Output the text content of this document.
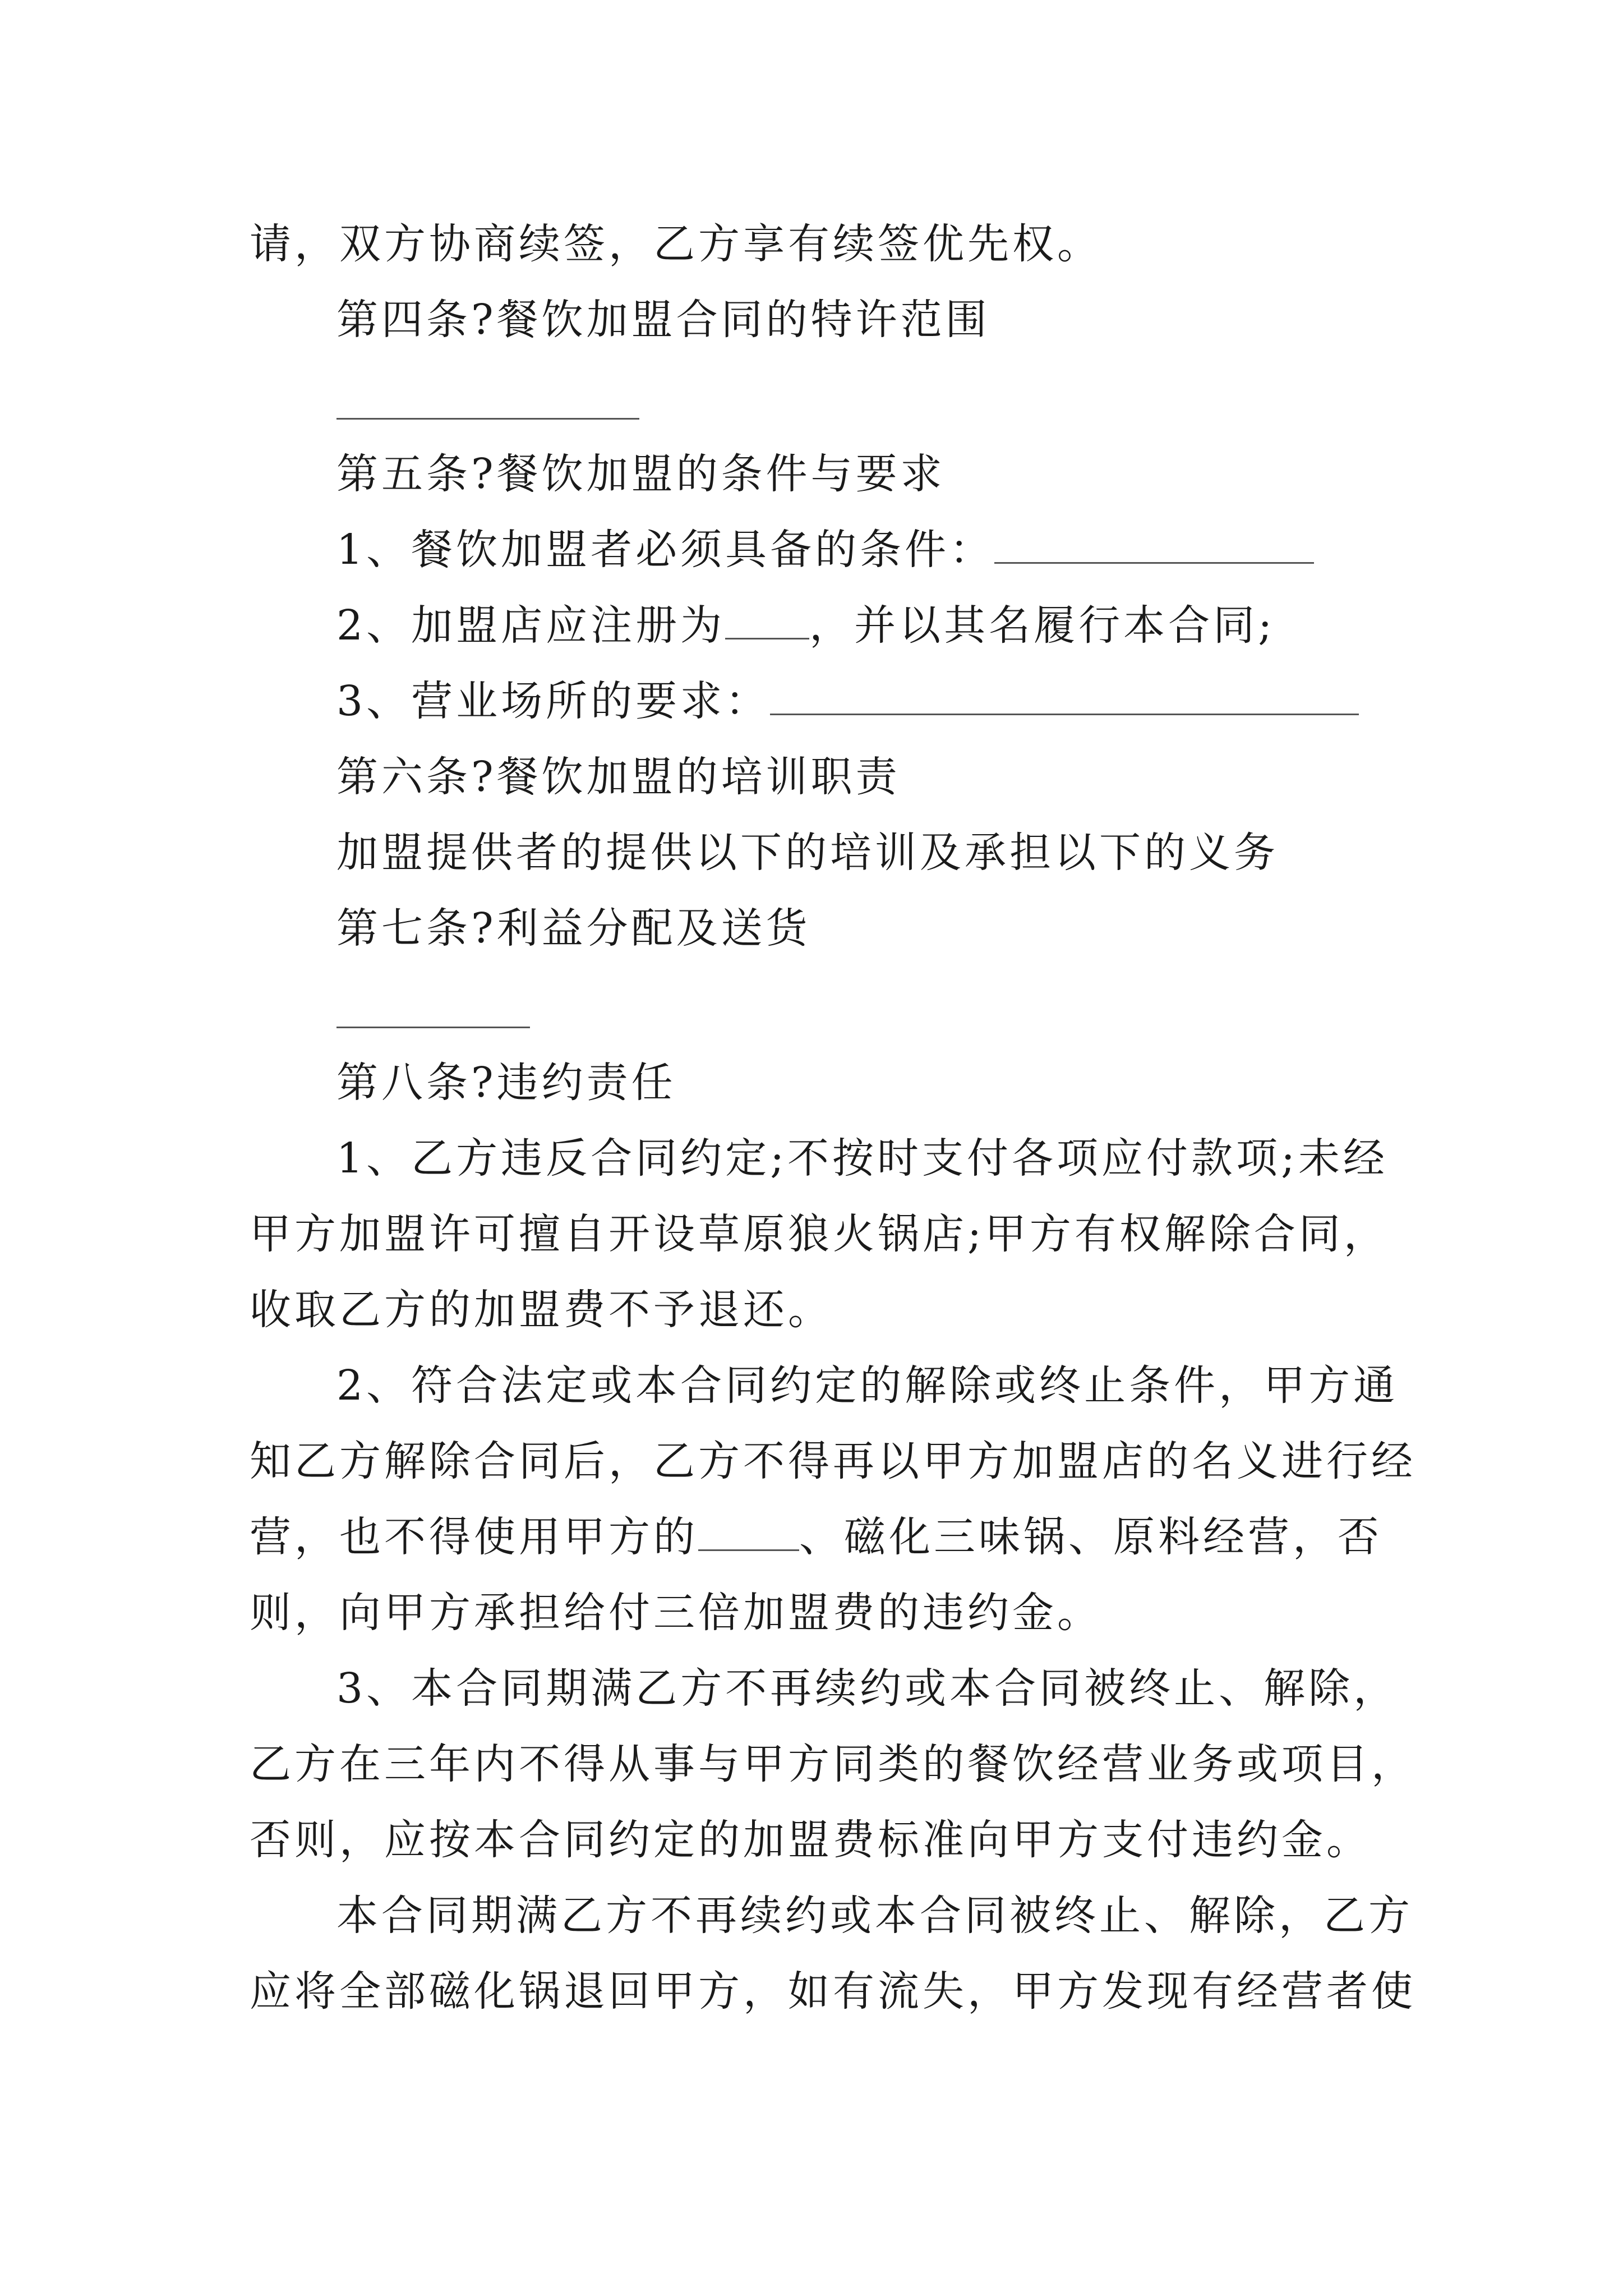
请，双方协商续签，乙方享有续签优先权。
第四条?餐饮加盟合同的特许范围
第五条?餐饮加盟的条件与要求
1、餐饮加盟者必须具备的条件：
2、加盟店应注册为 ，并以其名履行本合同;
3、营业场所的要求：
第六条?餐饮加盟的培训职责
加盟提供者的提供以下的培训及承担以下的义务
第七条?利益分配及送货
第八条?违约责任
1、乙方违反合同约定;不按时支付各项应付款项;未经
甲方加盟许可擅自开设草原狼火锅店;甲方有权解除合同，
收取乙方的加盟费不予退还。
2、符合法定或本合同约定的解除或终止条件，甲方通
知乙方解除合同后，乙方不得再以甲方加盟店的名义进行经
营，也不得使用甲方的 、磁化三味锅、原料经营，否
则，向甲方承担给付三倍加盟费的违约金。
3、本合同期满乙方不再续约或本合同被终止、解除，
乙方在三年内不得从事与甲方同类的餐饮经营业务或项目，
否则，应按本合同约定的加盟费标准向甲方支付违约金。
本合同期满乙方不再续约或本合同被终止、解除，乙方
应将全部磁化锅退回甲方，如有流失，甲方发现有经营者使
